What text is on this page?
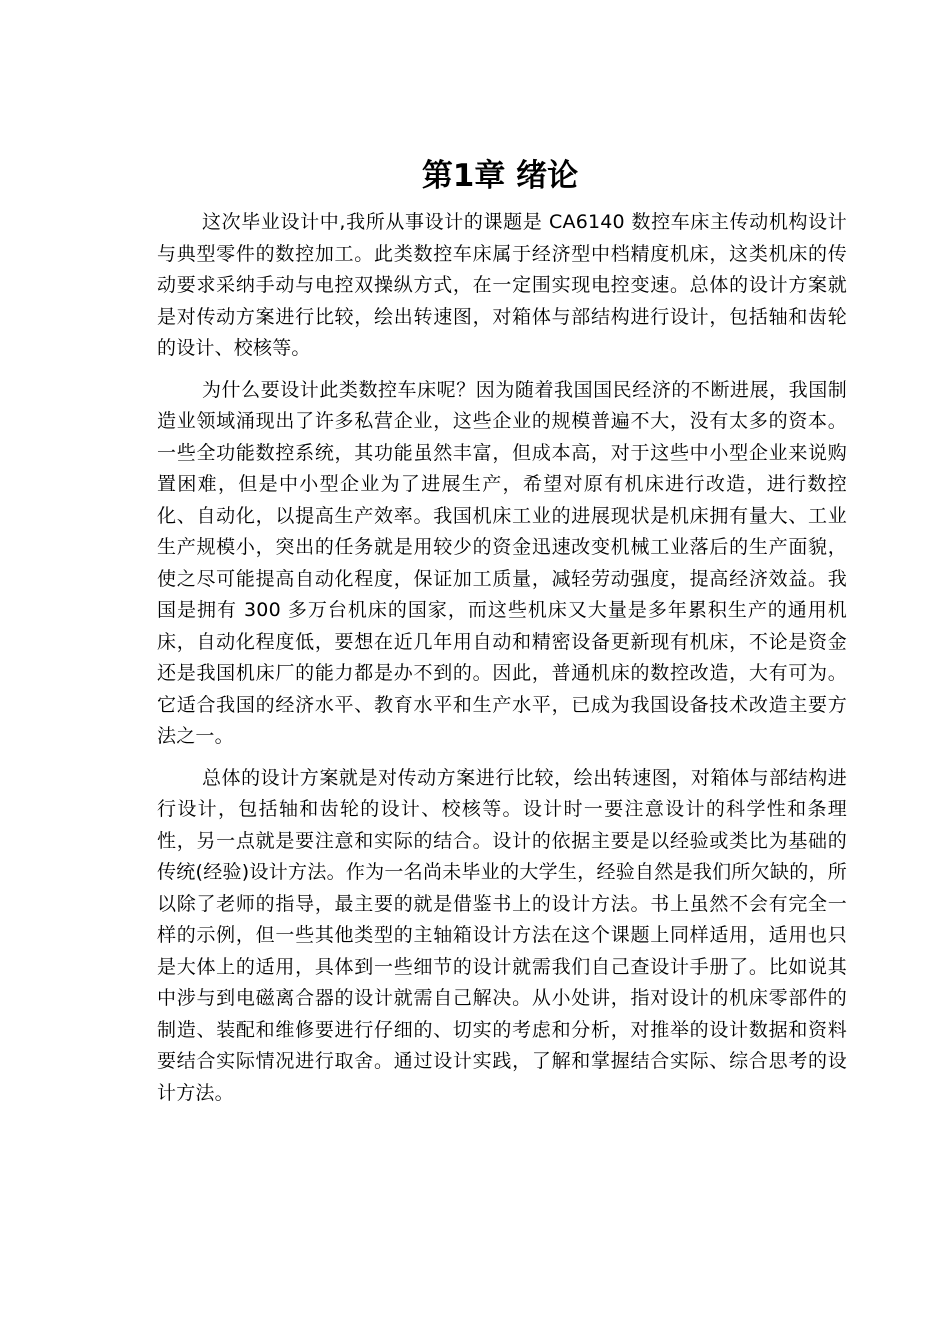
第1章 绪论

这次毕业设计中,我所从事设计的课题是 CA6140 数控车床主传动机构设计与典型零件的数控加工。此类数控车床属于经济型中档精度机床，这类机床的传动要求采纳手动与电控双操纵方式，在一定围实现电控变速。总体的设计方案就是对传动方案进行比较，绘出转速图，对箱体与部结构进行设计，包括轴和齿轮的设计、校核等。

为什么要设计此类数控车床呢？因为随着我国国民经济的不断进展，我国制造业领域涌现出了许多私营企业，这些企业的规模普遍不大，没有太多的资本。一些全功能数控系统，其功能虽然丰富，但成本高，对于这些中小型企业来说购置困难，但是中小型企业为了进展生产，希望对原有机床进行改造，进行数控化、自动化，以提高生产效率。我国机床工业的进展现状是机床拥有量大、工业生产规模小，突出的任务就是用较少的资金迅速改变机械工业落后的生产面貌，使之尽可能提高自动化程度，保证加工质量，减轻劳动强度，提高经济效益。我国是拥有 300 多万台机床的国家，而这些机床又大量是多年累积生产的通用机床，自动化程度低，要想在近几年用自动和精密设备更新现有机床，不论是资金还是我国机床厂的能力都是办不到的。因此，普通机床的数控改造，大有可为。它适合我国的经济水平、教育水平和生产水平，已成为我国设备技术改造主要方法之一。

总体的设计方案就是对传动方案进行比较，绘出转速图，对箱体与部结构进行设计，包括轴和齿轮的设计、校核等。设计时一要注意设计的科学性和条理性，另一点就是要注意和实际的结合。设计的依据主要是以经验或类比为基础的传统(经验)设计方法。作为一名尚未毕业的大学生，经验自然是我们所欠缺的，所以除了老师的指导，最主要的就是借鉴书上的设计方法。书上虽然不会有完全一样的示例，但一些其他类型的主轴箱设计方法在这个课题上同样适用，适用也只是大体上的适用，具体到一些细节的设计就需我们自己查设计手册了。比如说其中涉与到电磁离合器的设计就需自己解决。从小处讲，指对设计的机床零部件的制造、装配和维修要进行仔细的、切实的考虑和分析，对推举的设计数据和资料要结合实际情况进行取舍。通过设计实践，了解和掌握结合实际、综合思考的设计方法。
